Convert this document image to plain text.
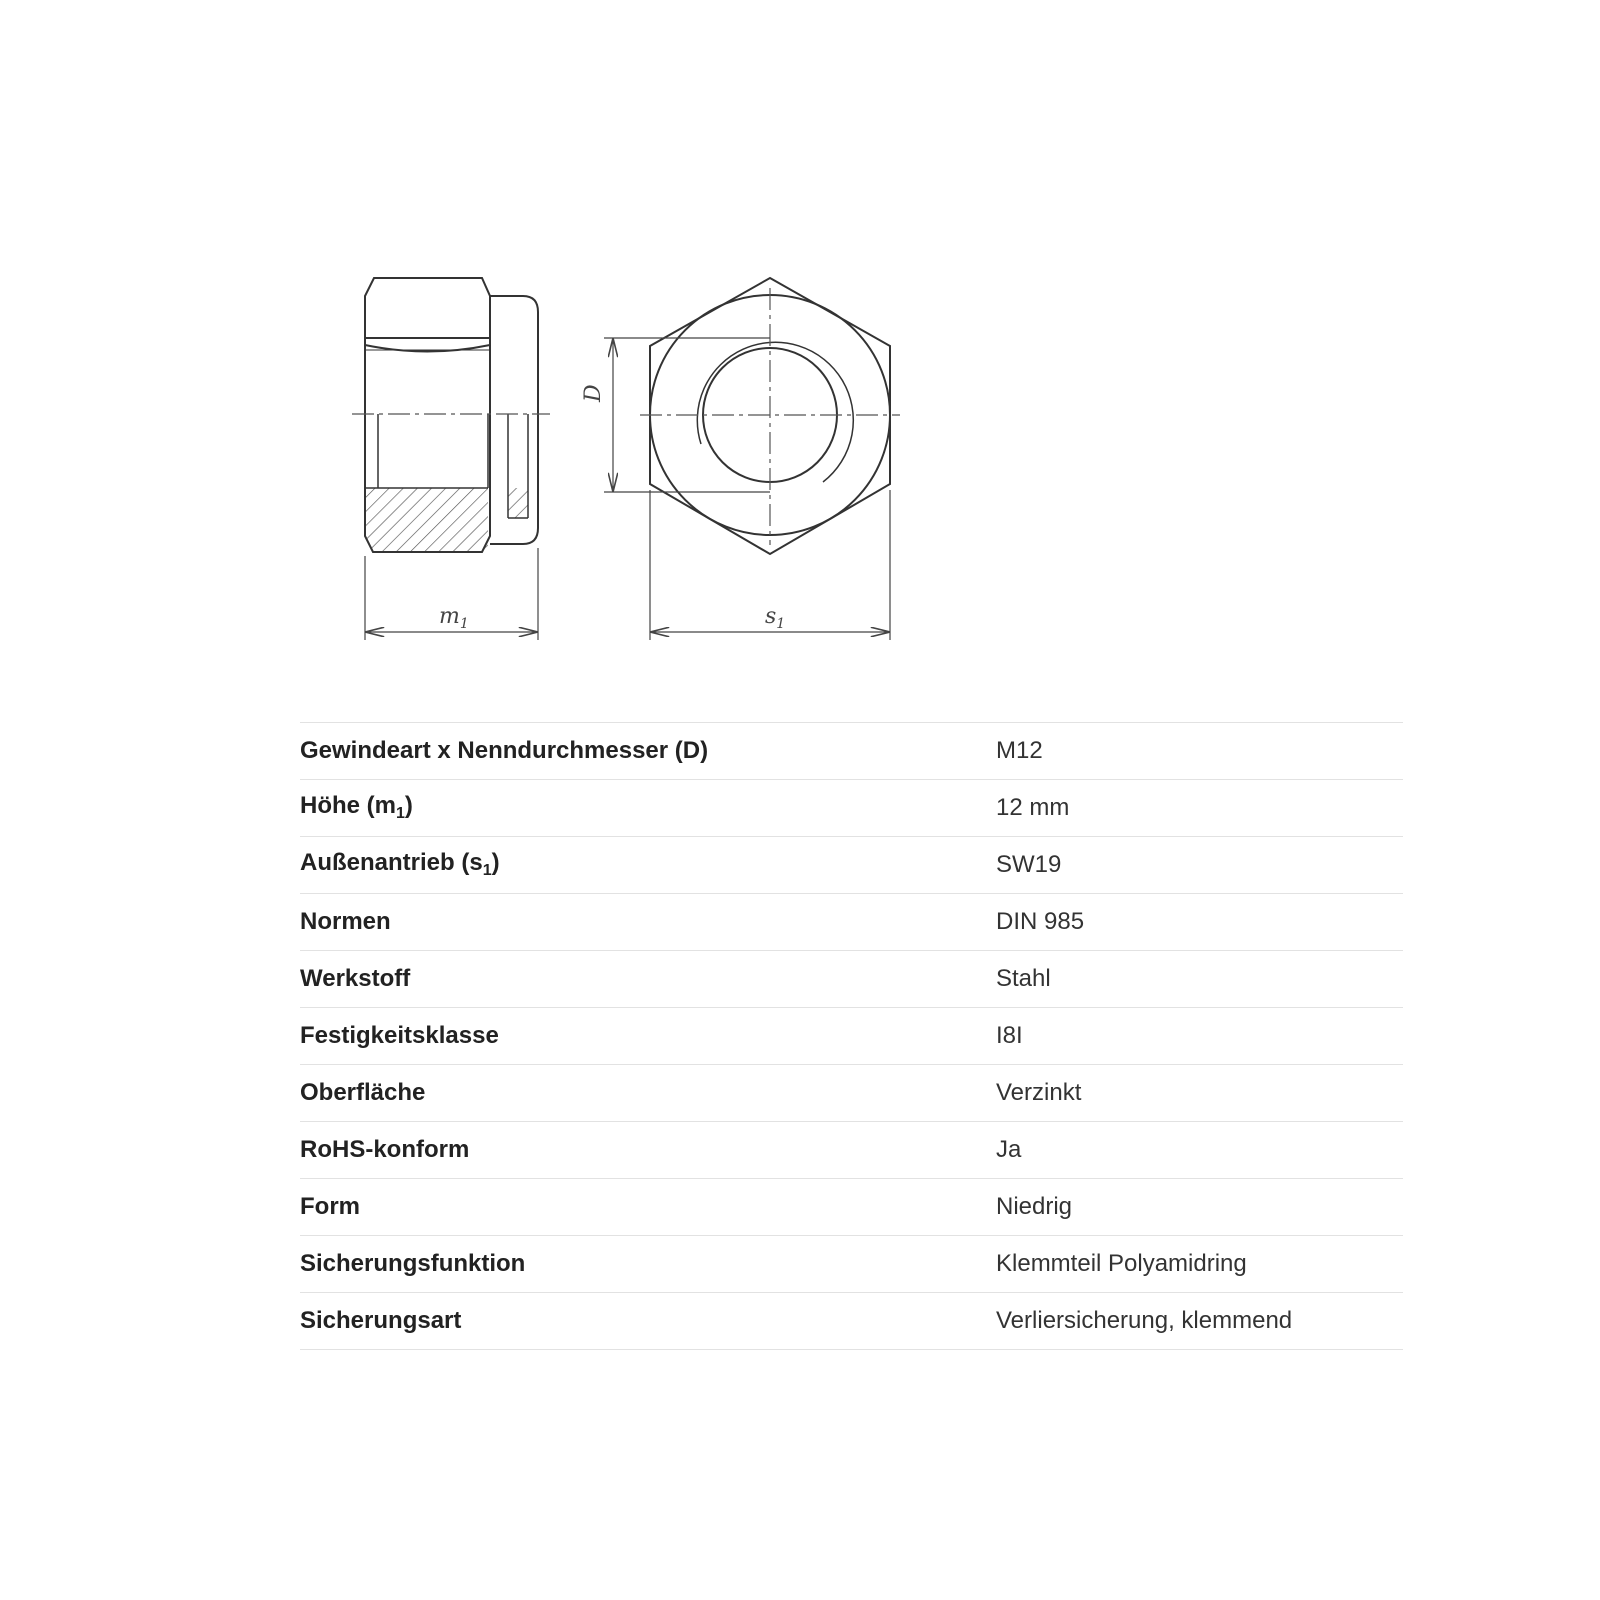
$m_1$	$s_1$
D
Gewindeart x Nenndurchmesser (D)	M12
Höhe $(m_1)$	12 mm
Außenantrieb $(s_1)$	SW19
Normen	DIN 985
Werkstoff	Stahl
Festigkeitsklasse	I8I
Oberfläche	Verzinkt
RoHS-konform	Ja
Form	Niedrig
Sicherungsfunktion	Klemmteil Polyamidring
Sicherungsart	Verliersicherung, klemmend
